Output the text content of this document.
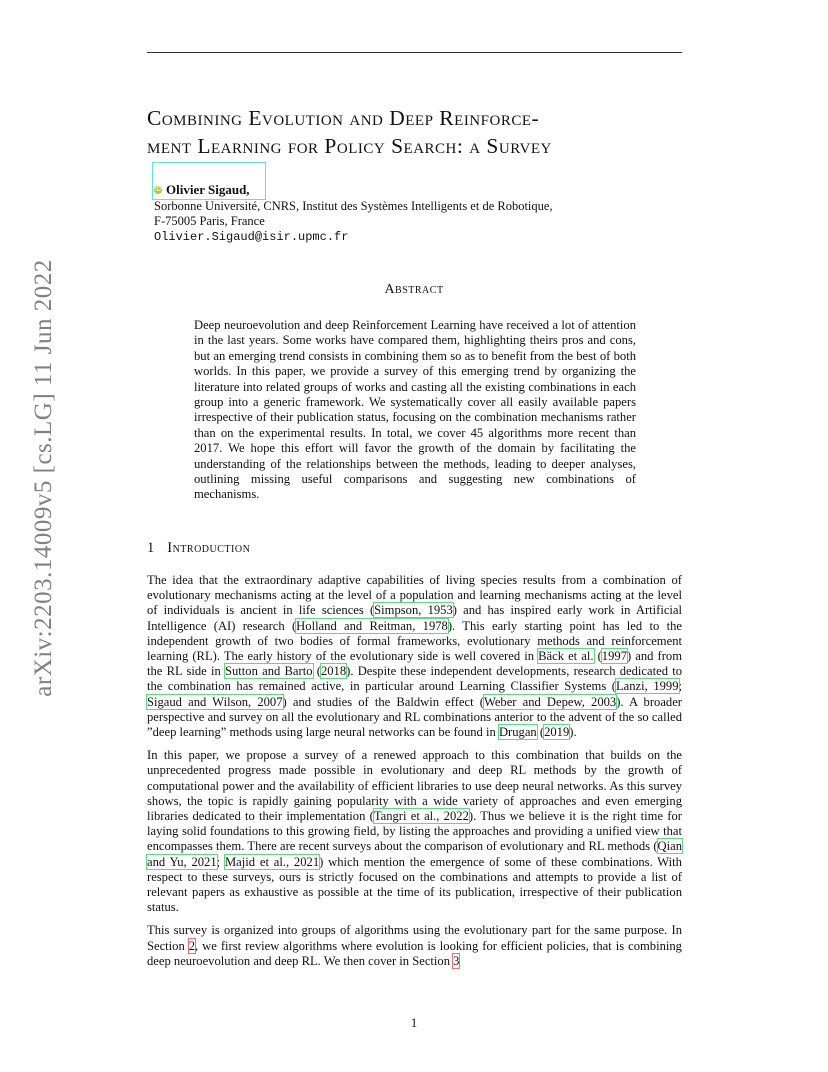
arXiv:2203.14009v5 [cs.LG] 11 Jun 2022
Combining Evolution and Deep Reinforce-
ment Learning for Policy Search: a Survey
iD Olivier Sigaud,
Sorbonne Université, CNRS, Institut des Systèmes Intelligents et de Robotique,
F-75005 Paris, France
Olivier.Sigaud@isir.upmc.fr
Abstract
Deep neuroevolution and deep Reinforcement Learning have received a lot of attention in the last years. Some works have compared them, highlighting theirs pros and cons, but an emerging trend consists in combining them so as to benefit from the best of both worlds. In this paper, we provide a survey of this emerging trend by organizing the literature into related groups of works and casting all the existing combinations in each group into a generic framework. We systematically cover all easily available papers irrespective of their publication status, focusing on the combination mechanisms rather than on the experimental results. In total, we cover 45 algorithms more recent than 2017. We hope this effort will favor the growth of the domain by facilitating the understanding of the relationships between the methods, leading to deeper analyses, outlining missing useful comparisons and suggesting new combinations of mechanisms.
1 Introduction

The idea that the extraordinary adaptive capabilities of living species results from a combination of evolutionary mechanisms acting at the level of a population and learning mechanisms acting at the level of individuals is ancient in life sciences (Simpson, 1953) and has inspired early work in Artificial Intelligence (AI) research (Holland and Reitman, 1978). This early starting point has led to the independent growth of two bodies of formal frameworks, evolutionary methods and reinforcement learning (RL). The early history of the evolutionary side is well covered in Bäck et al. (1997) and from the RL side in Sutton and Barto (2018). Despite these independent developments, research dedicated to the combination has remained active, in particular around Learning Classifier Systems (Lanzi, 1999; Sigaud and Wilson, 2007) and studies of the Baldwin effect (Weber and Depew, 2003). A broader perspective and survey on all the evolutionary and RL combinations anterior to the advent of the so called ”deep learning” methods using large neural networks can be found in Drugan (2019).

In this paper, we propose a survey of a renewed approach to this combination that builds on the unprecedented progress made possible in evolutionary and deep RL methods by the growth of computational power and the availability of efficient libraries to use deep neural networks. As this survey shows, the topic is rapidly gaining popularity with a wide variety of approaches and even emerging libraries dedicated to their implementation (Tangri et al., 2022). Thus we believe it is the right time for laying solid foundations to this growing field, by listing the approaches and providing a unified view that encompasses them. There are recent surveys about the comparison of evolutionary and RL methods (Qian and Yu, 2021; Majid et al., 2021) which mention the emergence of some of these combinations. With respect to these surveys, ours is strictly focused on the combinations and attempts to provide a list of relevant papers as exhaustive as possible at the time of its publication, irrespective of their publication status.

This survey is organized into groups of algorithms using the evolutionary part for the same purpose. In Section 2, we first review algorithms where evolution is looking for efficient policies, that is combining deep neuroevolution and deep RL. We then cover in Section 3

1
